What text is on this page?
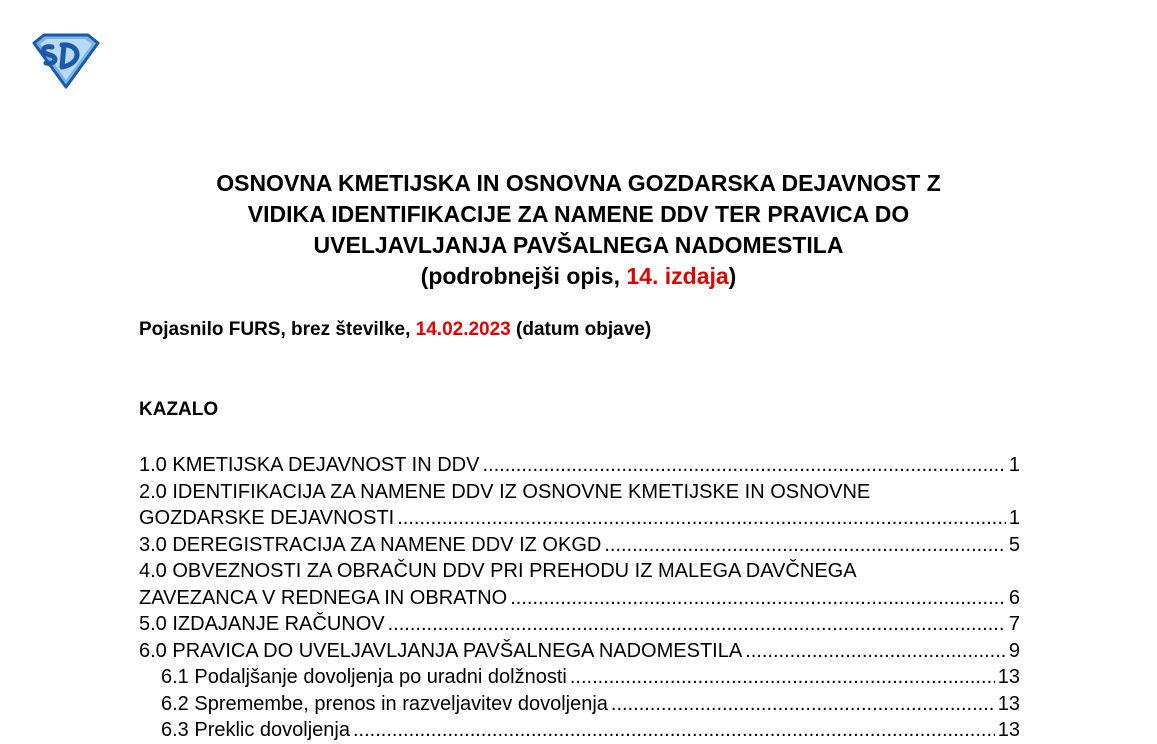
OSNOVNA KMETIJSKA IN OSNOVNA GOZDARSKA DEJAVNOST Z
VIDIKA IDENTIFIKACIJE ZA NAMENE DDV TER PRAVICA DO
UVELJAVLJANJA PAVŠALNEGA NADOMESTILA
(podrobnejši opis, 14. izdaja)
Pojasnilo FURS, brez številke, 14.02.2023 (datum objave)
KAZALO
1.0 KMETIJSKA DEJAVNOST IN DDV .....	1
2.0 IDENTIFIKACIJA ZA NAMENE DDV IZ OSNOVNE KMETIJSKE IN OSNOVNE
GOZDARSKE DEJAVNOSTI .....	1
3.0 DEREGISTRACIJA ZA NAMENE DDV IZ OKGD .....	5
4.0 OBVEZNOSTI ZA OBRAČUN DDV PRI PREHODU IZ MALEGA DAVČNEGA
ZAVEZANCA V REDNEGA IN OBRATNO .....	6
5.0 IZDAJANJE RAČUNOV .....	7
6.0 PRAVICA DO UVELJAVLJANJA PAVŠALNEGA NADOMESTILA .....	9
6.1 Podaljšanje dovoljenja po uradni dolžnosti .....	13
6.2 Spremembe, prenos in razveljavitev dovoljenja .....	13
6.3 Preklic dovoljenja .....	13
